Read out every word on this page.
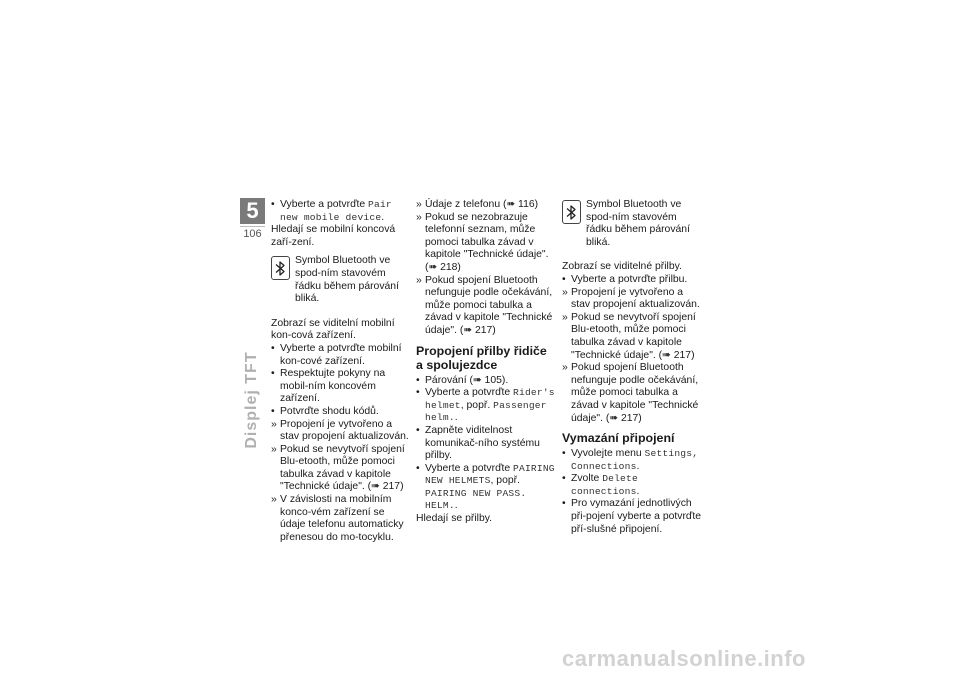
5
106
Displej TFT

• Vyberte a potvrďte Pair new mobile device.

Hledají se mobilní koncová zaří-zení.

Symbol Bluetooth ve spod-ním stavovém řádku během párování bliká.

Zobrazí se viditelní mobilní kon-cová zařízení.

• Vyberte a potvrďte mobilní kon-cové zařízení.

• Respektujte pokyny na mobil-ním koncovém zařízení.

• Potvrďte shodu kódů.

» Propojení je vytvořeno a stav propojení aktualizován.

» Pokud se nevytvoří spojení Blu-etooth, může pomoci tabulka závad v kapitole "Technické údaje". (➠ 217)

» V závislosti na mobilním konco-vém zařízení se údaje telefonu automaticky přenesou do mo-tocyklu.

» Údaje z telefonu (➠ 116)

» Pokud se nezobrazuje telefonní seznam, může pomoci tabulka závad v kapitole "Technické údaje". (➠ 218)

» Pokud spojení Bluetooth nefunguje podle očekávání, může pomoci tabulka a závad v kapitole "Technické údaje". (➠ 217)

Propojení přilby řidiče a spolujezdce

• Párování (➠ 105).

• Vyberte a potvrďte Rider's helmet, popř. Passenger helm..

• Zapněte viditelnost komunikač-ního systému přilby.

• Vyberte a potvrďte PAIRING NEW HELMETS, popř. PAIRING NEW PASS. HELM..

Hledají se přilby.

Symbol Bluetooth ve spod-ním stavovém řádku během párování bliká.

Zobrazí se viditelné přilby.

• Vyberte a potvrďte přilbu.

» Propojení je vytvořeno a stav propojení aktualizován.

» Pokud se nevytvoří spojení Blu-etooth, může pomoci tabulka závad v kapitole "Technické údaje". (➠ 217)

» Pokud spojení Bluetooth nefunguje podle očekávání, může pomoci tabulka a závad v kapitole "Technické údaje". (➠ 217)

Vymazání připojení

• Vyvolejte menu Settings, Connections.

• Zvolte Delete connections.

• Pro vymazání jednotlivých při-pojení vyberte a potvrďte pří-slušné připojení.

carmanualsonline.info
